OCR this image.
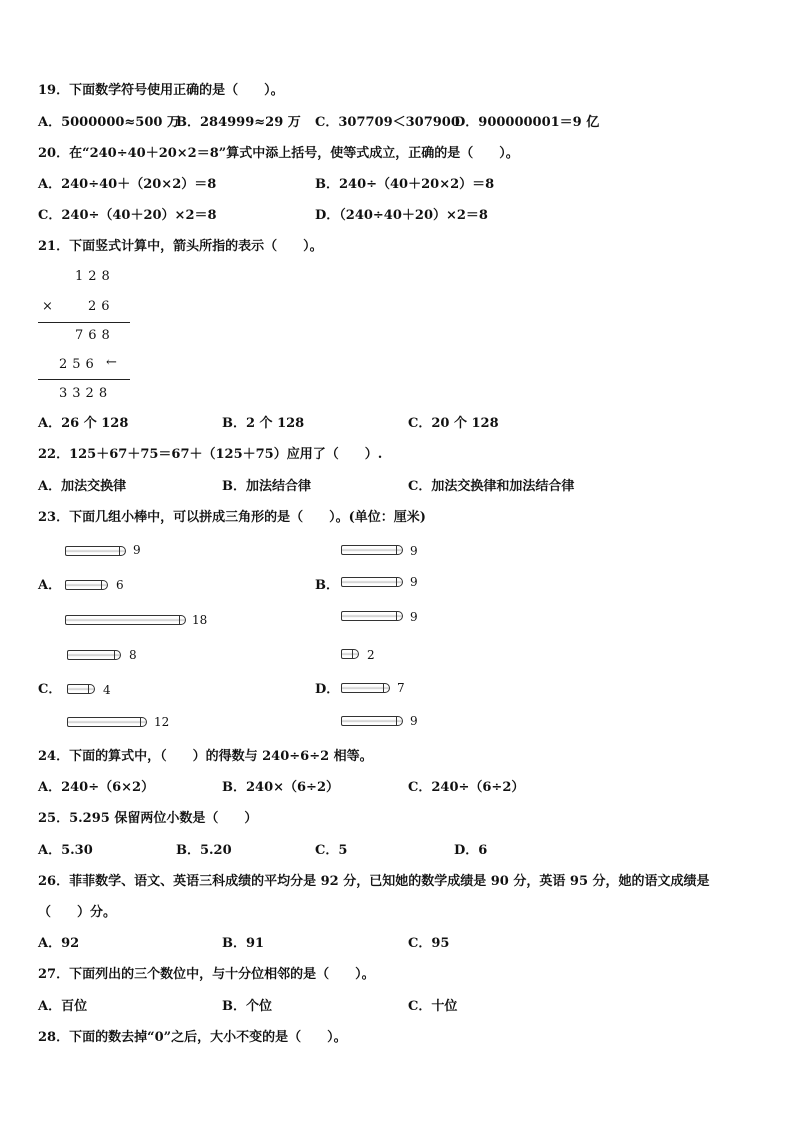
19．下面数学符号使用正确的是（　　）。
A．5000000≈500 万
B．284999≈29 万 C．307709＜307900
D．900000001＝9 亿
20．在“240÷40＋20×2＝8”算式中添上括号，使等式成立，正确的是（　　）。
A．240÷40＋（20×2）＝8	B．240÷（40＋20×2）＝8
C．240÷（40＋20）×2＝8	D．（240÷40＋20）×2＝8
21．下面竖式计算中，箭头所指的表示（　　）。
128
× 26
768
256 ←
3328
A．26 个 128	B．2 个 128	C．20 个 128
22．125＋67＋75＝67＋（125＋75）应用了（　　）.
A．加法交换律	B．加法结合律	C．加法交换律和加法结合律
23．下面几组小棒中，可以拼成三角形的是（　　）。(单位：厘米)
A．
9
6
18
B．
9
9
9
C．
8
4
12
D．
2
7
9
24．下面的算式中，（　　）的得数与 240÷6÷2 相等。
A．240÷（6×2）	B．240×（6÷2）	C．240÷（6÷2）
25．5.295 保留两位小数是（　　）
A．5.30	B．5.20	C．5	D．6
26．菲菲数学、语文、英语三科成绩的平均分是 92 分，已知她的数学成绩是 90 分，英语 95 分，她的语文成绩是
（　　）分。
A．92	B．91	C．95
27．下面列出的三个数位中，与十分位相邻的是（　　）。
A．百位	B．个位	C．十位
28．下面的数去掉“0”之后，大小不变的是（　　）。
